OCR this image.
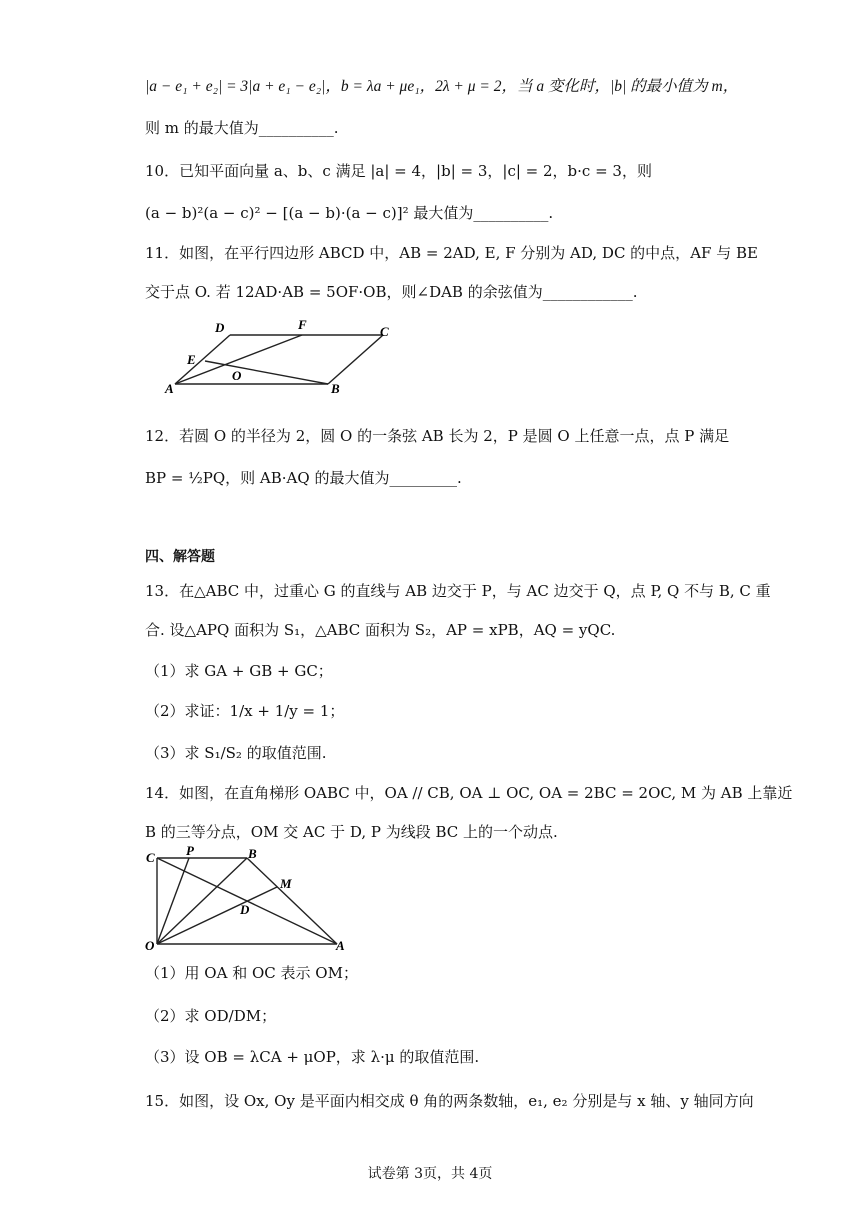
|a − e₁ + e₂| = 3|a + e₁ − e₂|，b = λa + μe₁，2λ + μ = 2，当 a 变化时，|b| 的最小值为 m，
则 m 的最大值为__________.
10．已知平面向量 a、b、c 满足 |a| = 4，|b| = 3，|c| = 2，b·c = 3，则
(a − b)²(a − c)² − [(a − b)·(a − c)]² 最大值为__________.
11．如图，在平行四边形 ABCD 中，AB = 2AD, E, F 分别为 AD, DC 的中点，AF 与 BE
交于点 O. 若 12AD·AB = 5OF·OB，则∠DAB 的余弦值为____________.
D	F	C
E
O
A	B
12．若圆 O 的半径为 2，圆 O 的一条弦 AB 长为 2，P 是圆 O 上任意一点，点 P 满足
BP = ½PQ，则 AB·AQ 的最大值为_________.
四、解答题
13．在△ABC 中，过重心 G 的直线与 AB 边交于 P，与 AC 边交于 Q，点 P, Q 不与 B, C 重
合. 设△APQ 面积为 S₁，△ABC 面积为 S₂，AP = xPB，AQ = yQC.
（1）求 GA + GB + GC；
（2）求证：1/x + 1/y = 1；
（3）求 S₁/S₂ 的取值范围.
14．如图，在直角梯形 OABC 中，OA // CB, OA ⊥ OC, OA = 2BC = 2OC, M 为 AB 上靠近
B 的三等分点，OM 交 AC 于 D, P 为线段 BC 上的一个动点.
C P	B
M
D
O	A
（1）用 OA 和 OC 表示 OM；
（2）求 OD/DM；
（3）设 OB = λCA + μOP，求 λ·μ 的取值范围.
15．如图，设 Ox, Oy 是平面内相交成 θ 角的两条数轴，e₁, e₂ 分别是与 x 轴、y 轴同方向
试卷第 3页，共 4页
